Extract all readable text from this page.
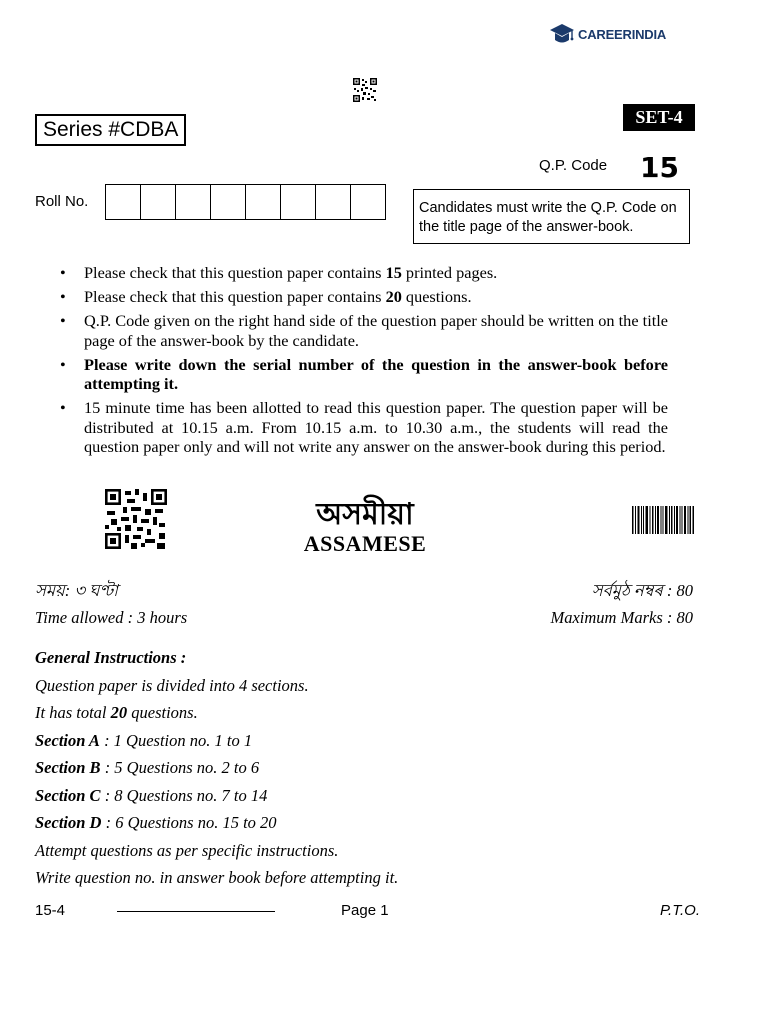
CAREERINDIA
Series #CDBA
SET-4
Q.P. Code 15
Roll No.	Candidates must write the Q.P. Code on the title page of the answer-book.
• Please check that this question paper contains 15 printed pages.
• Please check that this question paper contains 20 questions.
• Q.P. Code given on the right hand side of the question paper should be written on the title page of the answer-book by the candidate.
• Please write down the serial number of the question in the answer-book before attempting it.
• 15 minute time has been allotted to read this question paper. The question paper will be distributed at 10.15 a.m. From 10.15 a.m. to 10.30 a.m., the students will read the question paper only and will not write any answer on the answer-book during this period.
অসমীয়া
ASSAMESE
সময়: ৩ ঘণ্টা	সৰ্বমুঠ নম্বৰ : 80
Time allowed : 3 hours	Maximum Marks : 80
General Instructions :
Question paper is divided into 4 sections.
It has total 20 questions.
Section A : 1 Question no. 1 to 1
Section B : 5 Questions no. 2 to 6
Section C : 8 Questions no. 7 to 14
Section D : 6 Questions no. 15 to 20
Attempt questions as per specific instructions.
Write question no. in answer book before attempting it.
15-4	Page 1	P.T.O.
